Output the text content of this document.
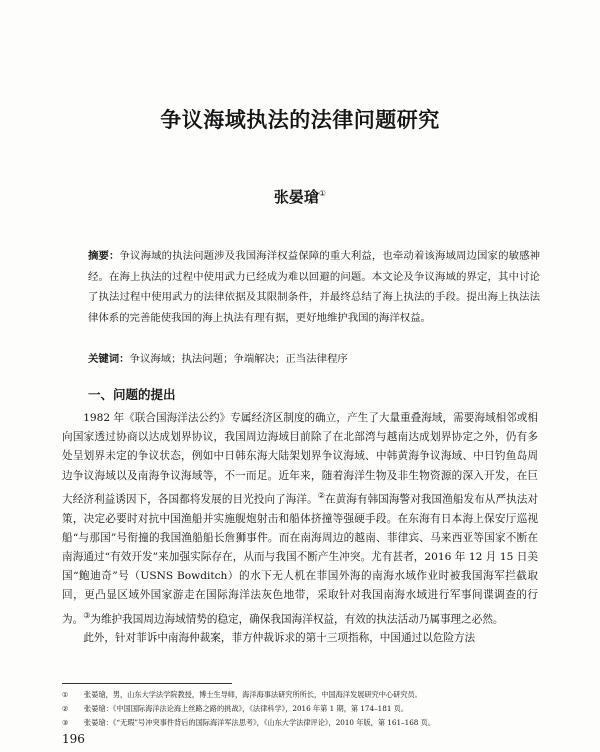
争议海域执法的法律问题研究
张晏瑲①
摘要：争议海域的执法问题涉及我国海洋权益保障的重大利益，也牵动着该海域周边国家的敏感神经。在海上执法的过程中使用武力已经成为难以回避的问题。本文论及争议海域的界定，其中讨论了执法过程中使用武力的法律依据及其限制条件，并最终总结了海上执法的手段。提出海上执法法律体系的完善能使我国的海上执法有理有据，更好地维护我国的海洋权益。
关键词：争议海域；执法问题；争端解决；正当法律程序
一、问题的提出

1982 年《联合国海洋法公约》专属经济区制度的确立，产生了大量重叠海域，需要海域相邻或相向国家透过协商以达成划界协议，我国周边海域目前除了在北部湾与越南达成划界协定之外，仍有多处呈划界未定的争议状态，例如中日韩东海大陆架划界争议海域、中韩黄海争议海域、中日钓鱼岛周边争议海域以及南海争议海域等，不一而足。近年来，随着海洋生物及非生物资源的深入开发，在巨大经济利益诱因下，各国都将发展的目光投向了海洋。②在黄海有韩国海警对我国渔船发布从严执法对策，决定必要时对抗中国渔船并实施舰炮射击和船体挤撞等强硬手段。在东海有日本海上保安厅巡视船“与那国”号衔撞的我国渔船船长詹狮事件。而在南海周边的越南、菲律宾、马来西亚等国家不断在南海通过“有效开发”来加强实际存在，从而与我国不断产生冲突。尤有甚者，2016 年 12 月 15 日美国“鲍迪奇”号（USNS Bowditch）的水下无人机在菲国外海的南海水域作业时被我国海军拦截取回，更凸显区域外国家游走在国际海洋法灰色地带，采取针对我国南海水域进行军事间谍调查的行为。③为维护我国周边海域情势的稳定，确保我国海洋权益，有效的执法活动乃属事理之必然。

此外，针对菲诉中南海仲裁案，菲方仲裁诉求的第十三项指称，中国通过以危险方法

① 张晏瑲，男，山东大学法学院教授，博士生导师，海洋海事法研究所所长，中国海洋发展研究中心研究员。
② 张晏瑲：《中国国际海洋法论海上丝路之路的挑战》，《法律科学》，2016 年第 1 期，第 174–181 页。
③ 张晏瑲：《“无瑕”号冲突事件背后的国际海洋军法思考》，《山东大学法律评论》，2010 年版，第 161–168 页。
196
